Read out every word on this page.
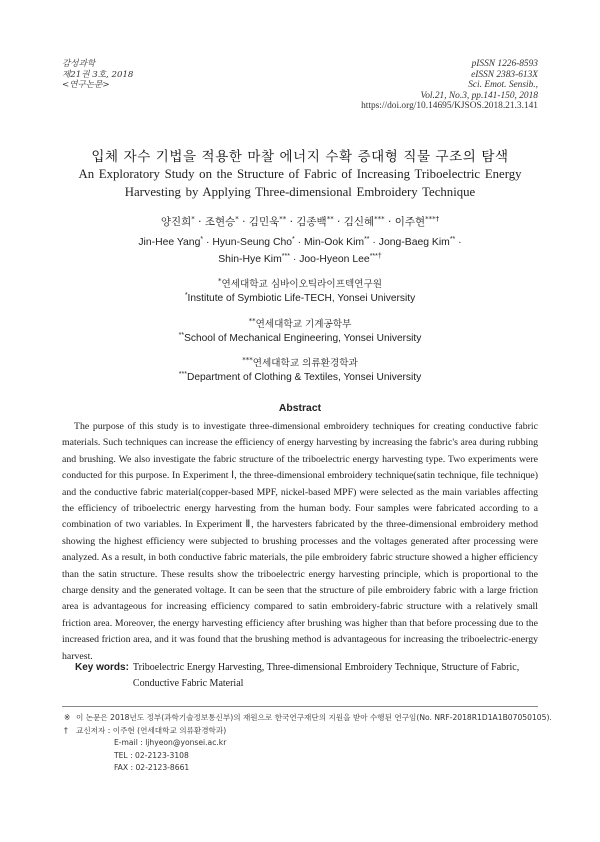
감성과학
제21권 3호, 2018
<연구논문>
pISSN 1226-8593
eISSN 2383-613X
Sci. Emot. Sensib.,
Vol.21, No.3, pp.141-150, 2018
https://doi.org/10.14695/KJSOS.2018.21.3.141
입체 자수 기법을 적용한 마찰 에너지 수확 증대형 직물 구조의 탐색
An Exploratory Study on the Structure of Fabric of Increasing Triboelectric Energy
Harvesting by Applying Three-dimensional Embroidery Technique
양진희* · 조현승* · 김민욱** · 김종백** · 김신혜*** · 이주현***†
Jin-Hee Yang* · Hyun-Seung Cho* · Min-Ook Kim** · Jong-Baeg Kim** ·
Shin-Hye Kim*** · Joo-Hyeon Lee***†
*연세대학교 심바이오틱라이프텍연구원
*Institute of Symbiotic Life-TECH, Yonsei University
**연세대학교 기계공학부
**School of Mechanical Engineering, Yonsei University
***연세대학교 의류환경학과
***Department of Clothing & Textiles, Yonsei University
Abstract

The purpose of this study is to investigate three-dimensional embroidery techniques for creating conductive fabric materials. Such techniques can increase the efficiency of energy harvesting by increasing the fabric's area during rubbing and brushing. We also investigate the fabric structure of the triboelectric energy harvesting type. Two experiments were conducted for this purpose. In Experiment Ⅰ, the three-dimensional embroidery technique(satin technique, file technique) and the conductive fabric material(copper-based MPF, nickel-based MPF) were selected as the main variables affecting the efficiency of triboelectric energy harvesting from the human body. Four samples were fabricated according to a combination of two variables. In Experiment Ⅱ, the harvesters fabricated by the three-dimensional embroidery method showing the highest efficiency were subjected to brushing processes and the voltages generated after processing were analyzed. As a result, in both conductive fabric materials, the pile embroidery fabric structure showed a higher efficiency than the satin structure. These results show the triboelectric energy harvesting principle, which is proportional to the charge density and the generated voltage. It can be seen that the structure of pile embroidery fabric with a large friction area is advantageous for increasing efficiency compared to satin embroidery-fabric structure with a relatively small friction area. Moreover, the energy harvesting efficiency after brushing was higher than that before processing due to the increased friction area, and it was found that the brushing method is advantageous for increasing the triboelectric-energy harvest.

Key words: Triboelectric Energy Harvesting, Three-dimensional Embroidery Technique, Structure of Fabric, Conductive Fabric Material
※ 이 논문은 2018년도 정부(과학기술정보통신부)의 재원으로 한국연구재단의 지원을 받아 수행된 연구임(No. NRF-2018R1D1A1B07050105).
† 교신저자 : 이주현 (연세대학교 의류환경학과)
E-mail : ljhyeon@yonsei.ac.kr
TEL : 02-2123-3108
FAX : 02-2123-8661
